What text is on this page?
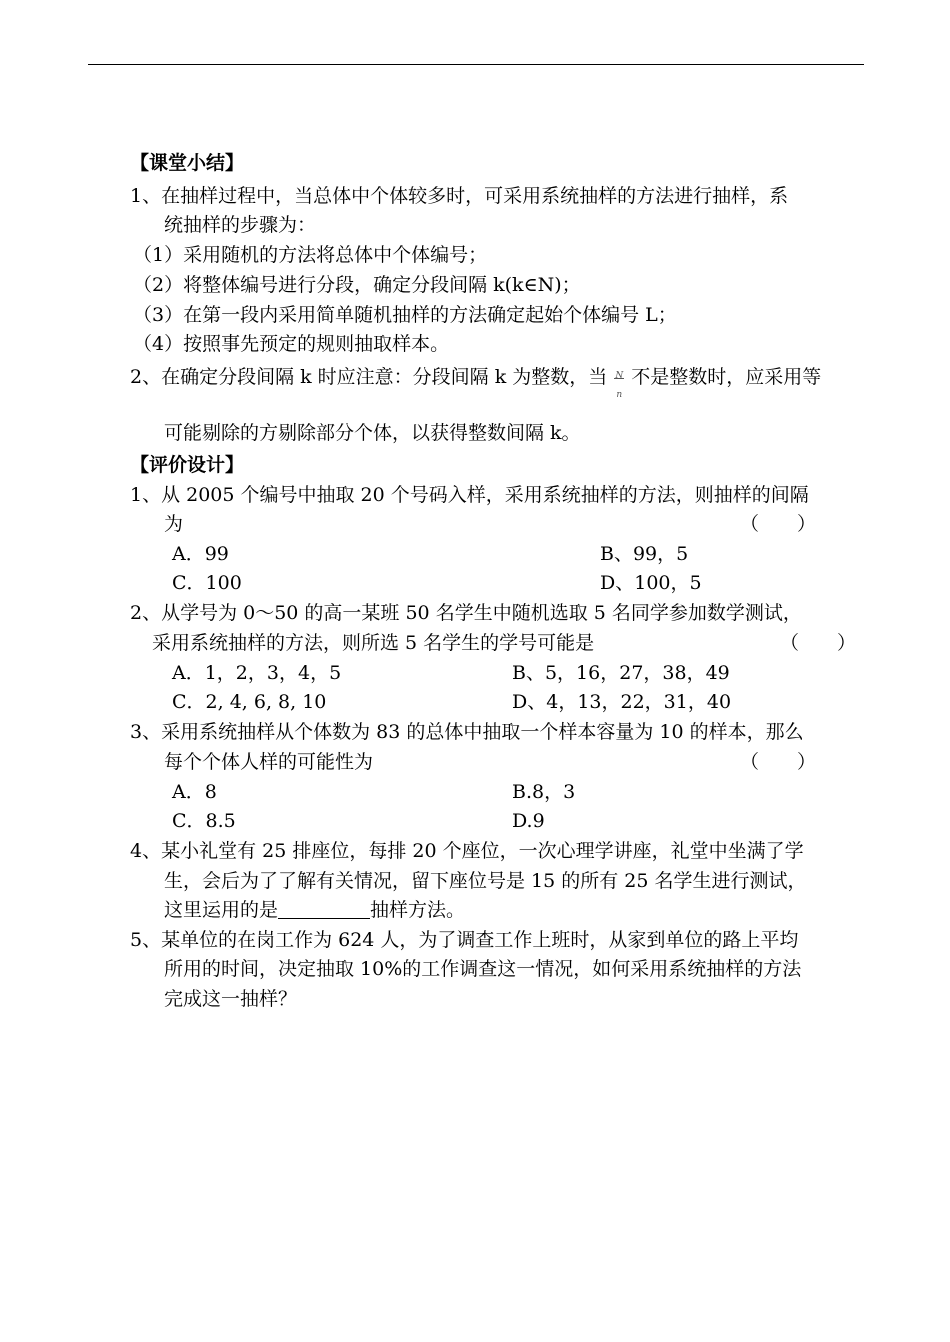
【课堂小结】
1、在抽样过程中，当总体中个体较多时，可采用系统抽样的方法进行抽样，系
统抽样的步骤为：
（1）采用随机的方法将总体中个体编号；
（2）将整体编号进行分段，确定分段间隔 k(k∈N)；
（3）在第一段内采用简单随机抽样的方法确定起始个体编号 L；
（4）按照事先预定的规则抽取样本。
2、在确定分段间隔 k 时应注意：分段间隔 k 为整数，当 N
n
不是整数时，应采用等
可能剔除的方剔除部分个体，以获得整数间隔 k。
【评价设计】
1、从 2005 个编号中抽取 20 个号码入样，采用系统抽样的方法，则抽样的间隔
为	（　　）
A．99	B、99，5
C．100	D、100，5
2、从学号为 0～50 的高一某班 50 名学生中随机选取 5 名同学参加数学测试，
采用系统抽样的方法，则所选 5 名学生的学号可能是	（　　）
A．1，2，3，4，5	B、5，16，27，38，49
C．2, 4, 6, 8, 10	D、4，13，22，31，40
3、采用系统抽样从个体数为 83 的总体中抽取一个样本容量为 10 的样本，那么
每个个体人样的可能性为	（　　）
A．8	B.8，3
C．8.5	D.9
4、某小礼堂有 25 排座位，每排 20 个座位，一次心理学讲座，礼堂中坐满了学
生，会后为了了解有关情况，留下座位号是 15 的所有 25 名学生进行测试，
这里运用的是	抽样方法。
5、某单位的在岗工作为 624 人，为了调查工作上班时，从家到单位的路上平均
所用的时间，决定抽取 10%的工作调查这一情况，如何采用系统抽样的方法
完成这一抽样？
